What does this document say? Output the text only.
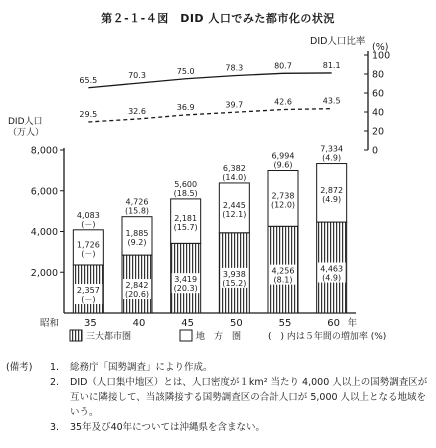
第２-１-４図　DID 人口でみた都市化の状況
DID人口
（万人）
2,000
4,000
6,000
8,000	0
20
40
60
80
100
DID人口比率
(%)
35	40	45	50	55	60
昭和	年
2,357
(－)
1,726
(－)
4,083
(－)
2,842
(20.6)
1,885
(9.2)
4,726
(15.8)
3,419
(20.3)
2,181
(15.7)
5,600
(18.5)
3,938
(15.2)
2,445
(12.1)
6,382
(14.0)
4,256
(8.1)
2,738
(12.0)
6,994
(9.6)
4,463
(4.9)
2,872
(4.9)
7,334
(4.9)
65.5
70.3	75.0	78.3	80.7	81.1
29.5	32.6	36.9	39.7	42.6	43.5
三大都市圏	地　方　圏	(　) 内は５年間の増加率 (%)
(備考)	1.	総務庁「国勢調査」により作成。
2.	DID（人口集中地区）とは、人口密度が１km² 当たり 4,000 人以上の国勢調査区が互いに隣接して、当該隣接する国勢調査区の合計人口が 5,000 人以上となる地域をいう。
3.	35年及び40年については沖縄県を含まない。
